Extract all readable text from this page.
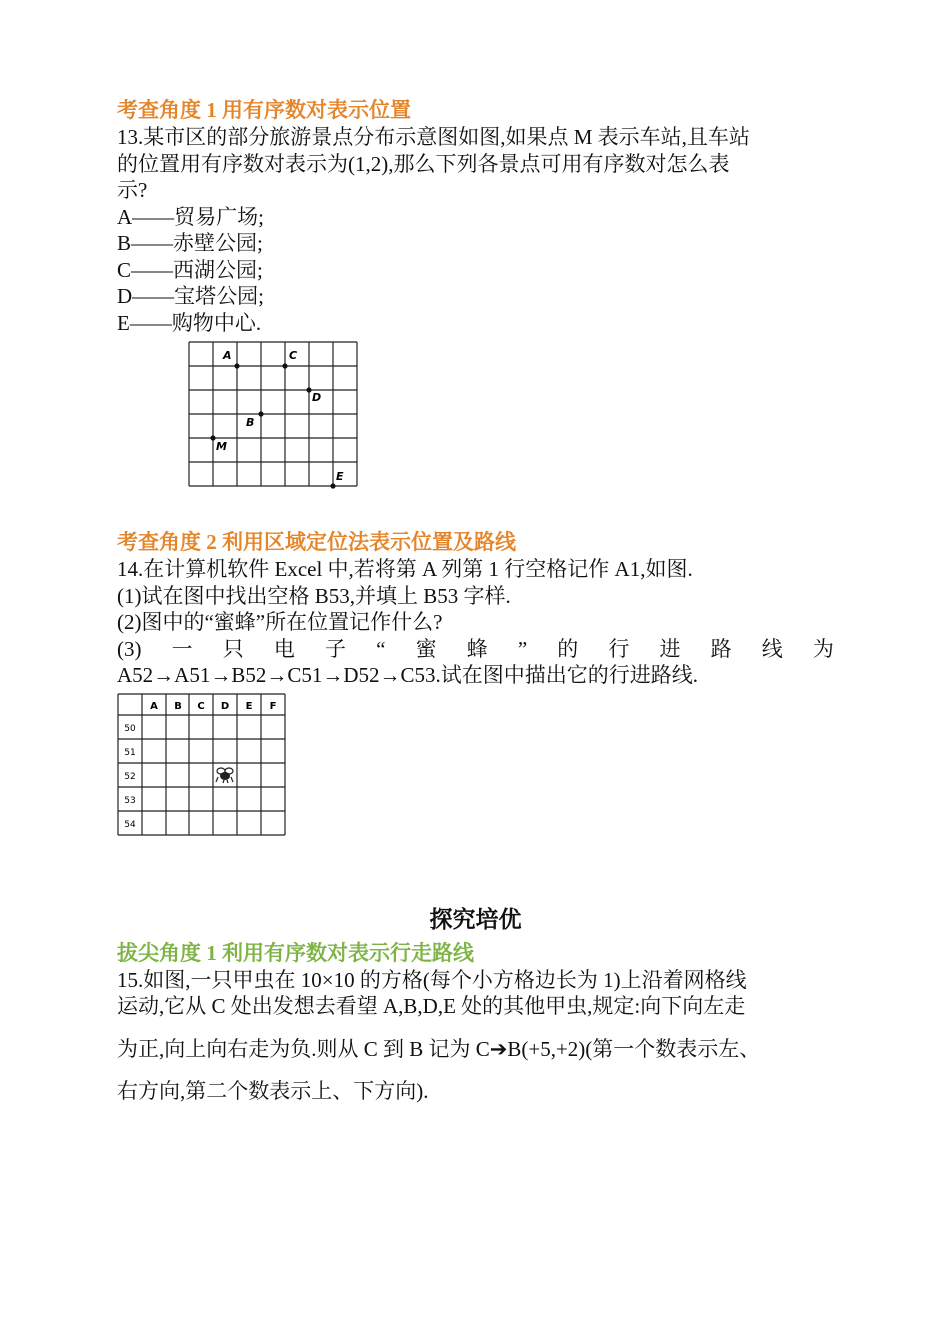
考查角度 1 用有序数对表示位置

13.某市区的部分旅游景点分布示意图如图,如果点 M 表示车站,且车站

的位置用有序数对表示为(1,2),那么下列各景点可用有序数对怎么表

示?

A——贸易广场;

B——赤壁公园;

C——西湖公园;

D——宝塔公园;

E——购物中心.

A	C
D
B
M
E
考查角度 2 利用区域定位法表示位置及路线

14.在计算机软件 Excel 中,若将第 A 列第 1 行空格记作 A1,如图.

(1)试在图中找出空格 B53,并填上 B53 字样.

(2)图中的“蜜蜂”所在位置记作什么?

(3) 一 只 电 子 “ 蜜 蜂 ” 的 行 进 路 线 为

A52→A51→B52→C51→D52→C53.试在图中描出它的行进路线.

A B C D E F
50
51
52
53
54
探究培优
拔尖角度 1 利用有序数对表示行走路线

15.如图,一只甲虫在 10×10 的方格(每个小方格边长为 1)上沿着网格线

运动,它从 C 处出发想去看望 A,B,D,E 处的其他甲虫,规定:向下向左走

为正,向上向右走为负.则从 C 到 B 记为 C➔B(+5,+2)(第一个数表示左、

右方向,第二个数表示上、下方向).
